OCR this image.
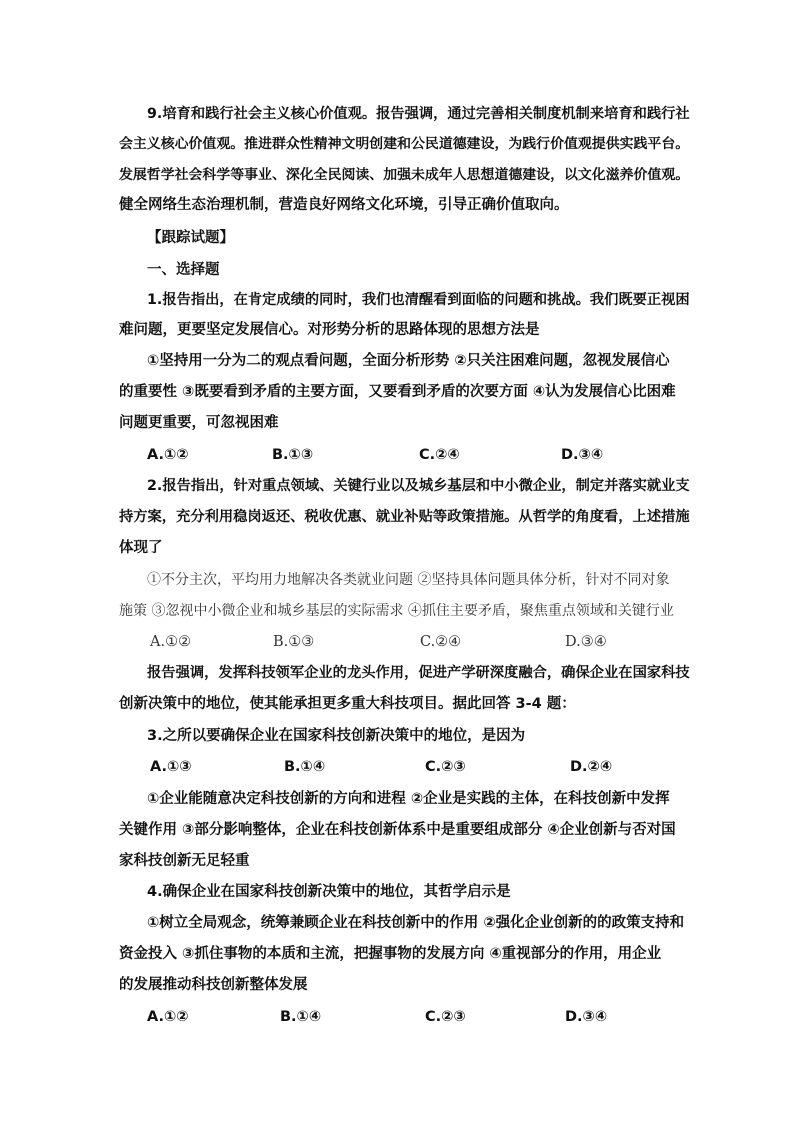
9.培育和践行社会主义核心价值观。报告强调，通过完善相关制度机制来培育和践行社
会主义核心价值观。推进群众性精神文明创建和公民道德建设，为践行价值观提供实践平台。
发展哲学社会科学等事业、深化全民阅读、加强未成年人思想道德建设，以文化滋养价值观。
健全网络生态治理机制，营造良好网络文化环境，引导正确价值取向。
【跟踪试题】
一、选择题
1.报告指出，在肯定成绩的同时，我们也清醒看到面临的问题和挑战。我们既要正视困
难问题，更要坚定发展信心。对形势分析的思路体现的思想方法是
①坚持用一分为二的观点看问题，全面分析形势 ②只关注困难问题，忽视发展信心
的重要性 ③既要看到矛盾的主要方面，又要看到矛盾的次要方面 ④认为发展信心比困难
问题更重要，可忽视困难
A.①②	B.①③	C.②④	D.③④
2.报告指出，针对重点领域、关键行业以及城乡基层和中小微企业，制定并落实就业支
持方案，充分利用稳岗返还、税收优惠、就业补贴等政策措施。从哲学的角度看，上述措施
体现了
①不分主次，平均用力地解决各类就业问题 ②坚持具体问题具体分析，针对不同对象
施策 ③忽视中小微企业和城乡基层的实际需求 ④抓住主要矛盾，聚焦重点领域和关键行业
A.①②	B.①③	C.②④	D.③④
报告强调，发挥科技领军企业的龙头作用，促进产学研深度融合，确保企业在国家科技
创新决策中的地位，使其能承担更多重大科技项目。据此回答 3-4 题：
3.之所以要确保企业在国家科技创新决策中的地位，是因为
A.①③	B.①④	C.②③	D.②④
①企业能随意决定科技创新的方向和进程 ②企业是实践的主体，在科技创新中发挥
关键作用 ③部分影响整体，企业在科技创新体系中是重要组成部分 ④企业创新与否对国
家科技创新无足轻重
4.确保企业在国家科技创新决策中的地位，其哲学启示是
①树立全局观念，统筹兼顾企业在科技创新中的作用 ②强化企业创新的的政策支持和
资金投入 ③抓住事物的本质和主流，把握事物的发展方向 ④重视部分的作用，用企业
的发展推动科技创新整体发展
A.①②	B.①④	C.②③	D.③④
